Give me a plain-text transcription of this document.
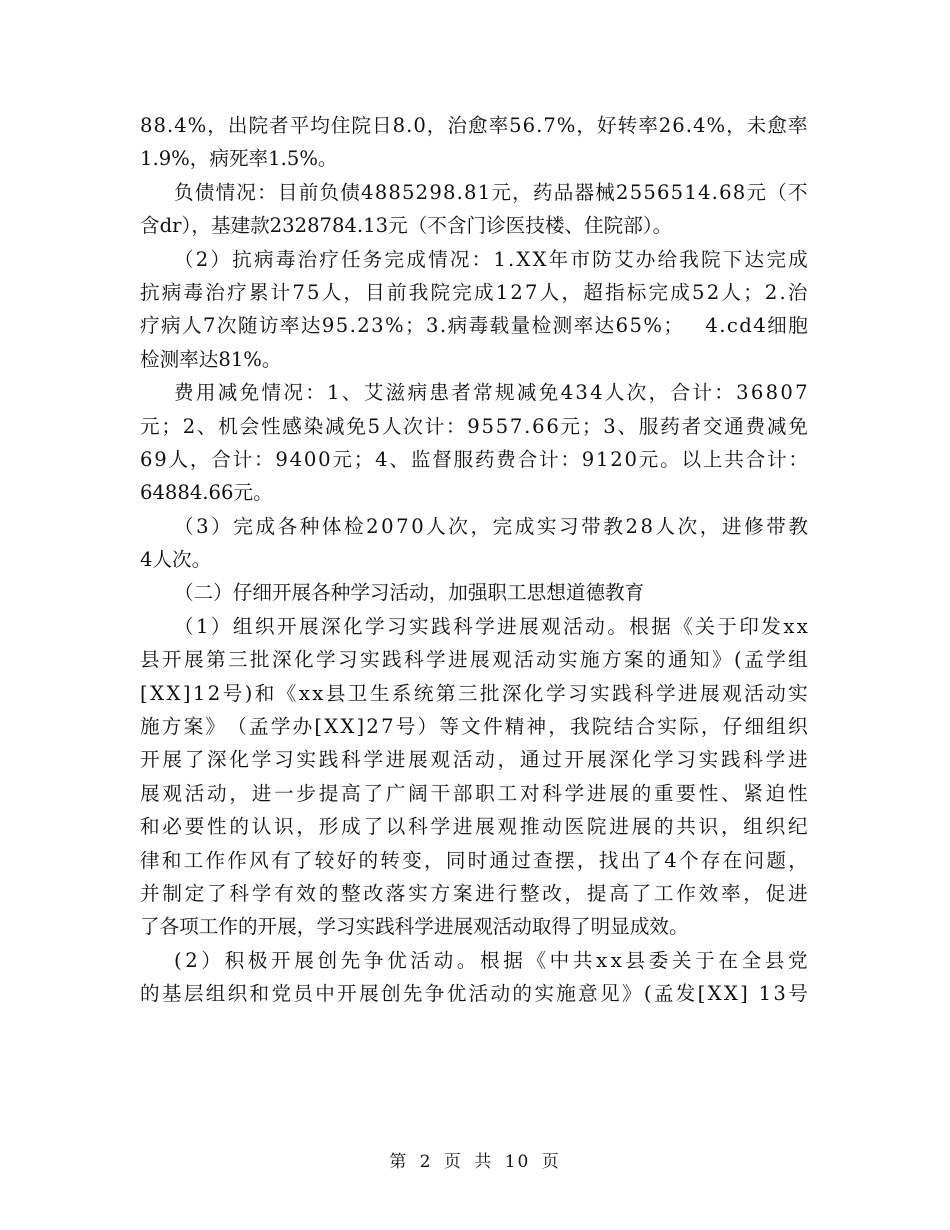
8 8 . 4 % ， 出 院 者 平 均 住 院 日 8 . 0 ， 治 愈 率 5 6 . 7 % ， 好 转 率 2 6 . 4 % ， 未 愈 率
1.9%，病死率1.5%。
负 债 情 况 ： 目 前 负 债 4 8 8 5 2 9 8 . 8 1 元 ， 药 品 器 械 2 5 5 6 5 1 4 . 6 8 元 （ 不
含dr），基建款2328784.13元（不含门诊医技楼、住院部）。
（ 2 ） 抗 病 毒 治 疗 任 务 完 成 情 况 ： 1 . X X 年 市 防 艾 办 给 我 院 下 达 完 成
抗 病 毒 治 疗 累 计 7 5 人 ， 目 前 我 院 完 成 1 2 7 人 ， 超 指 标 完 成 5 2 人 ； 2 . 治
疗 病 人 7 次 随 访 率 达 9 5 . 2 3 % ； 3 . 病 毒 载 量 检 测 率 达 6 5 % ；
　 4 . c d 4 细 胞
检测率达81%。
费 用 减 免 情 况 ： 1 、 艾 滋 病 患 者 常 规 减 免 4 3 4 人 次 ， 合 计 ： 3 6 8 0 7
元 ； 2 、 机 会 性 感 染 减 免 5 人 次 计 ： 9 5 5 7 . 6 6 元 ； 3 、 服 药 者 交 通 费 减 免
6 9 人 ， 合 计 ： 9 4 0 0 元 ； 4 、 监 督 服 药 费 合 计 ： 9 1 2 0 元 。 以 上 共 合 计 ：
64884.66元。
（ 3 ） 完 成 各 种 体 检 2 0 7 0 人 次 ， 完 成 实 习 带 教 2 8 人 次 ， 进 修 带 教
4人次。
（二）仔细开展各种学习活动，加强职工思想道德教育
（ 1 ） 组 织 开 展 深 化 学 习 实 践 科 学 进 展 观 活 动 。 根 据 《 关 于 印 发 x x
县 开 展 第 三 批 深 化 学 习 实 践 科 学 进 展 观 活 动 实 施 方 案 的 通 知 》 ( 孟 学 组
[ X X ] 1 2 号 ) 和 《 x x 县 卫 生 系 统 第 三 批 深 化 学 习 实 践 科 学 进 展 观 活 动 实
施 方 案 》 （ 孟 学 办 [ X X ] 2 7 号 ） 等 文 件 精 神 ， 我 院 结 合 实 际 ， 仔 细 组 织
开 展 了 深 化 学 习 实 践 科 学 进 展 观 活 动 ， 通 过 开 展 深 化 学 习 实 践 科 学 进
展 观 活 动 ， 进 一 步 提 高 了 广 阔 干 部 职 工 对 科 学 进 展 的 重 要 性 、 紧 迫 性
和 必 要 性 的 认 识 ， 形 成 了 以 科 学 进 展 观 推 动 医 院 进 展 的 共 识 ， 组 织 纪
律 和 工 作 作 风 有 了 较 好 的 转 变 ， 同 时 通 过 查 摆 ， 找 出 了 4 个 存 在 问 题 ，
并 制 定 了 科 学 有 效 的 整 改 落 实 方 案 进 行 整 改 ， 提 高 了 工 作 效 率 ， 促 进
了各项工作的开展，学习实践科学进展观活动取得了明显成效。
( 2 ） 积 极 开 展 创 先 争 优 活 动 。 根 据 《 中 共 x x 县 委 关 于 在 全 县 党
的 基 层 组 织 和 党 员 中 开 展 创 先 争 优 活 动 的 实 施 意 见 》 ( 孟 发 [ X X ]
1 3 号
第 2 页 共 10 页
